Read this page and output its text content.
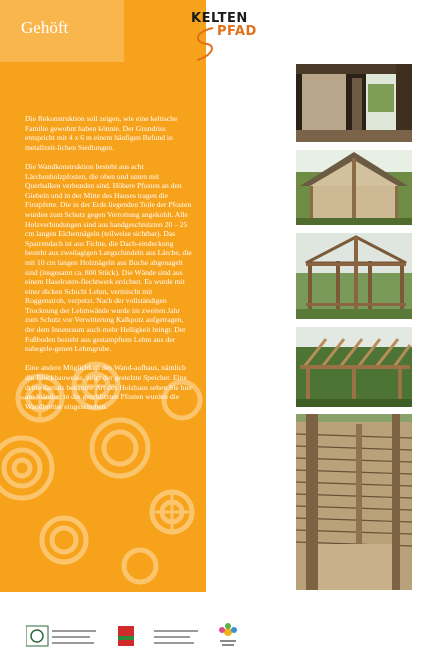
Gehöft

Die Rekonstruktion soll zeigen, wie eine keltische Familie gewohnt haben könnte. Der Grundriss entspricht mit 4 x 6 m einem häufigen Befund in metallzeit-lichen Siedlungen.

Die Wandkonstruktion besteht aus acht Lärchenholzpfosten, die oben und unten mit Querbalken verbunden sind. Höhere Pfosten an den Giebeln und in der Mitte des Hauses tragen die Firstpfette. Die in der Erde liegenden Teile der Pfosten wurden zum Schutz gegen Verrottung angekohlt. Alle Holzverbindungen sind aus handgeschnitzten 20 – 25 cm langen Eichennägeln (teilweise sichtbar). Das Sparrendach ist aus Fichte, die Dach-eindeckung besteht aus zweilagigen Langschindeln aus Lärche, die mit 10 cm langen Holznägeln aus Buche abgenagelt sind (insgesamt ca. 800 Stück). Die Wände sind aus einem Haselruten-flechtwerk errichtet. Es wurde mit einer dicken Schicht Lehm, vermischt mit Roggenstroh, verputzt. Nach der vollständigen Trocknung der Lehmwände wurde im zweiten Jahr zum Schutz vor Verwitterung Kalkputz aufgetragen, der dem Innenraum auch mehr Helligkeit bringt. Der Fußboden besteht aus gestampftem Lehm aus der nahegele-genen Lehmgrube.

Eine andere Möglichkeit des Wand-aufbaus, nämlich die Blockbauweise, zeigt der gestelzte Speicher. Eine dritte damals bekannte Art des Holzbaus sehen Sie hier am Ständer: in die geschlitzten Pfosten wurden die Wandbretter eingeschoben.

KELTEN
PFAD
